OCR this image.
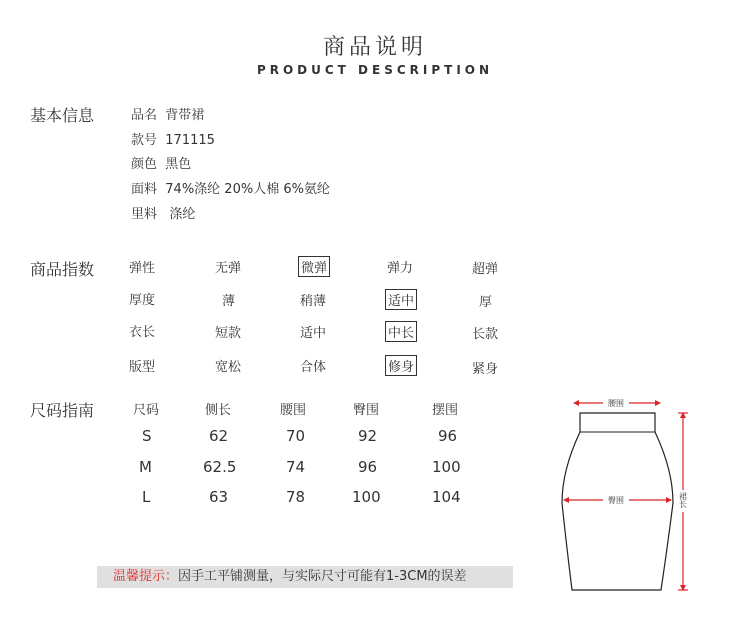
商品说明
PRODUCT DESCRIPTION
基本信息	品名 背带裙
款号 171115
颜色 黑色
面料 74%涤纶 20%人棉 6%氨纶
里料 涤纶
商品指数	弹性	无弹	微弹	弹力	超弹
厚度	薄	稍薄	适中	厚
衣长	短款	适中	中长	长款
版型	宽松	合体	修身	紧身
尺码指南	尺码	侧长	腰围	臀围	摆围
S	62	70	92	96
M	62.5	74	96	100
L	63	78	100	104
腰围
臀围	裙长
温馨提示：因手工平铺测量，与实际尺寸可能有1-3CM的误差
